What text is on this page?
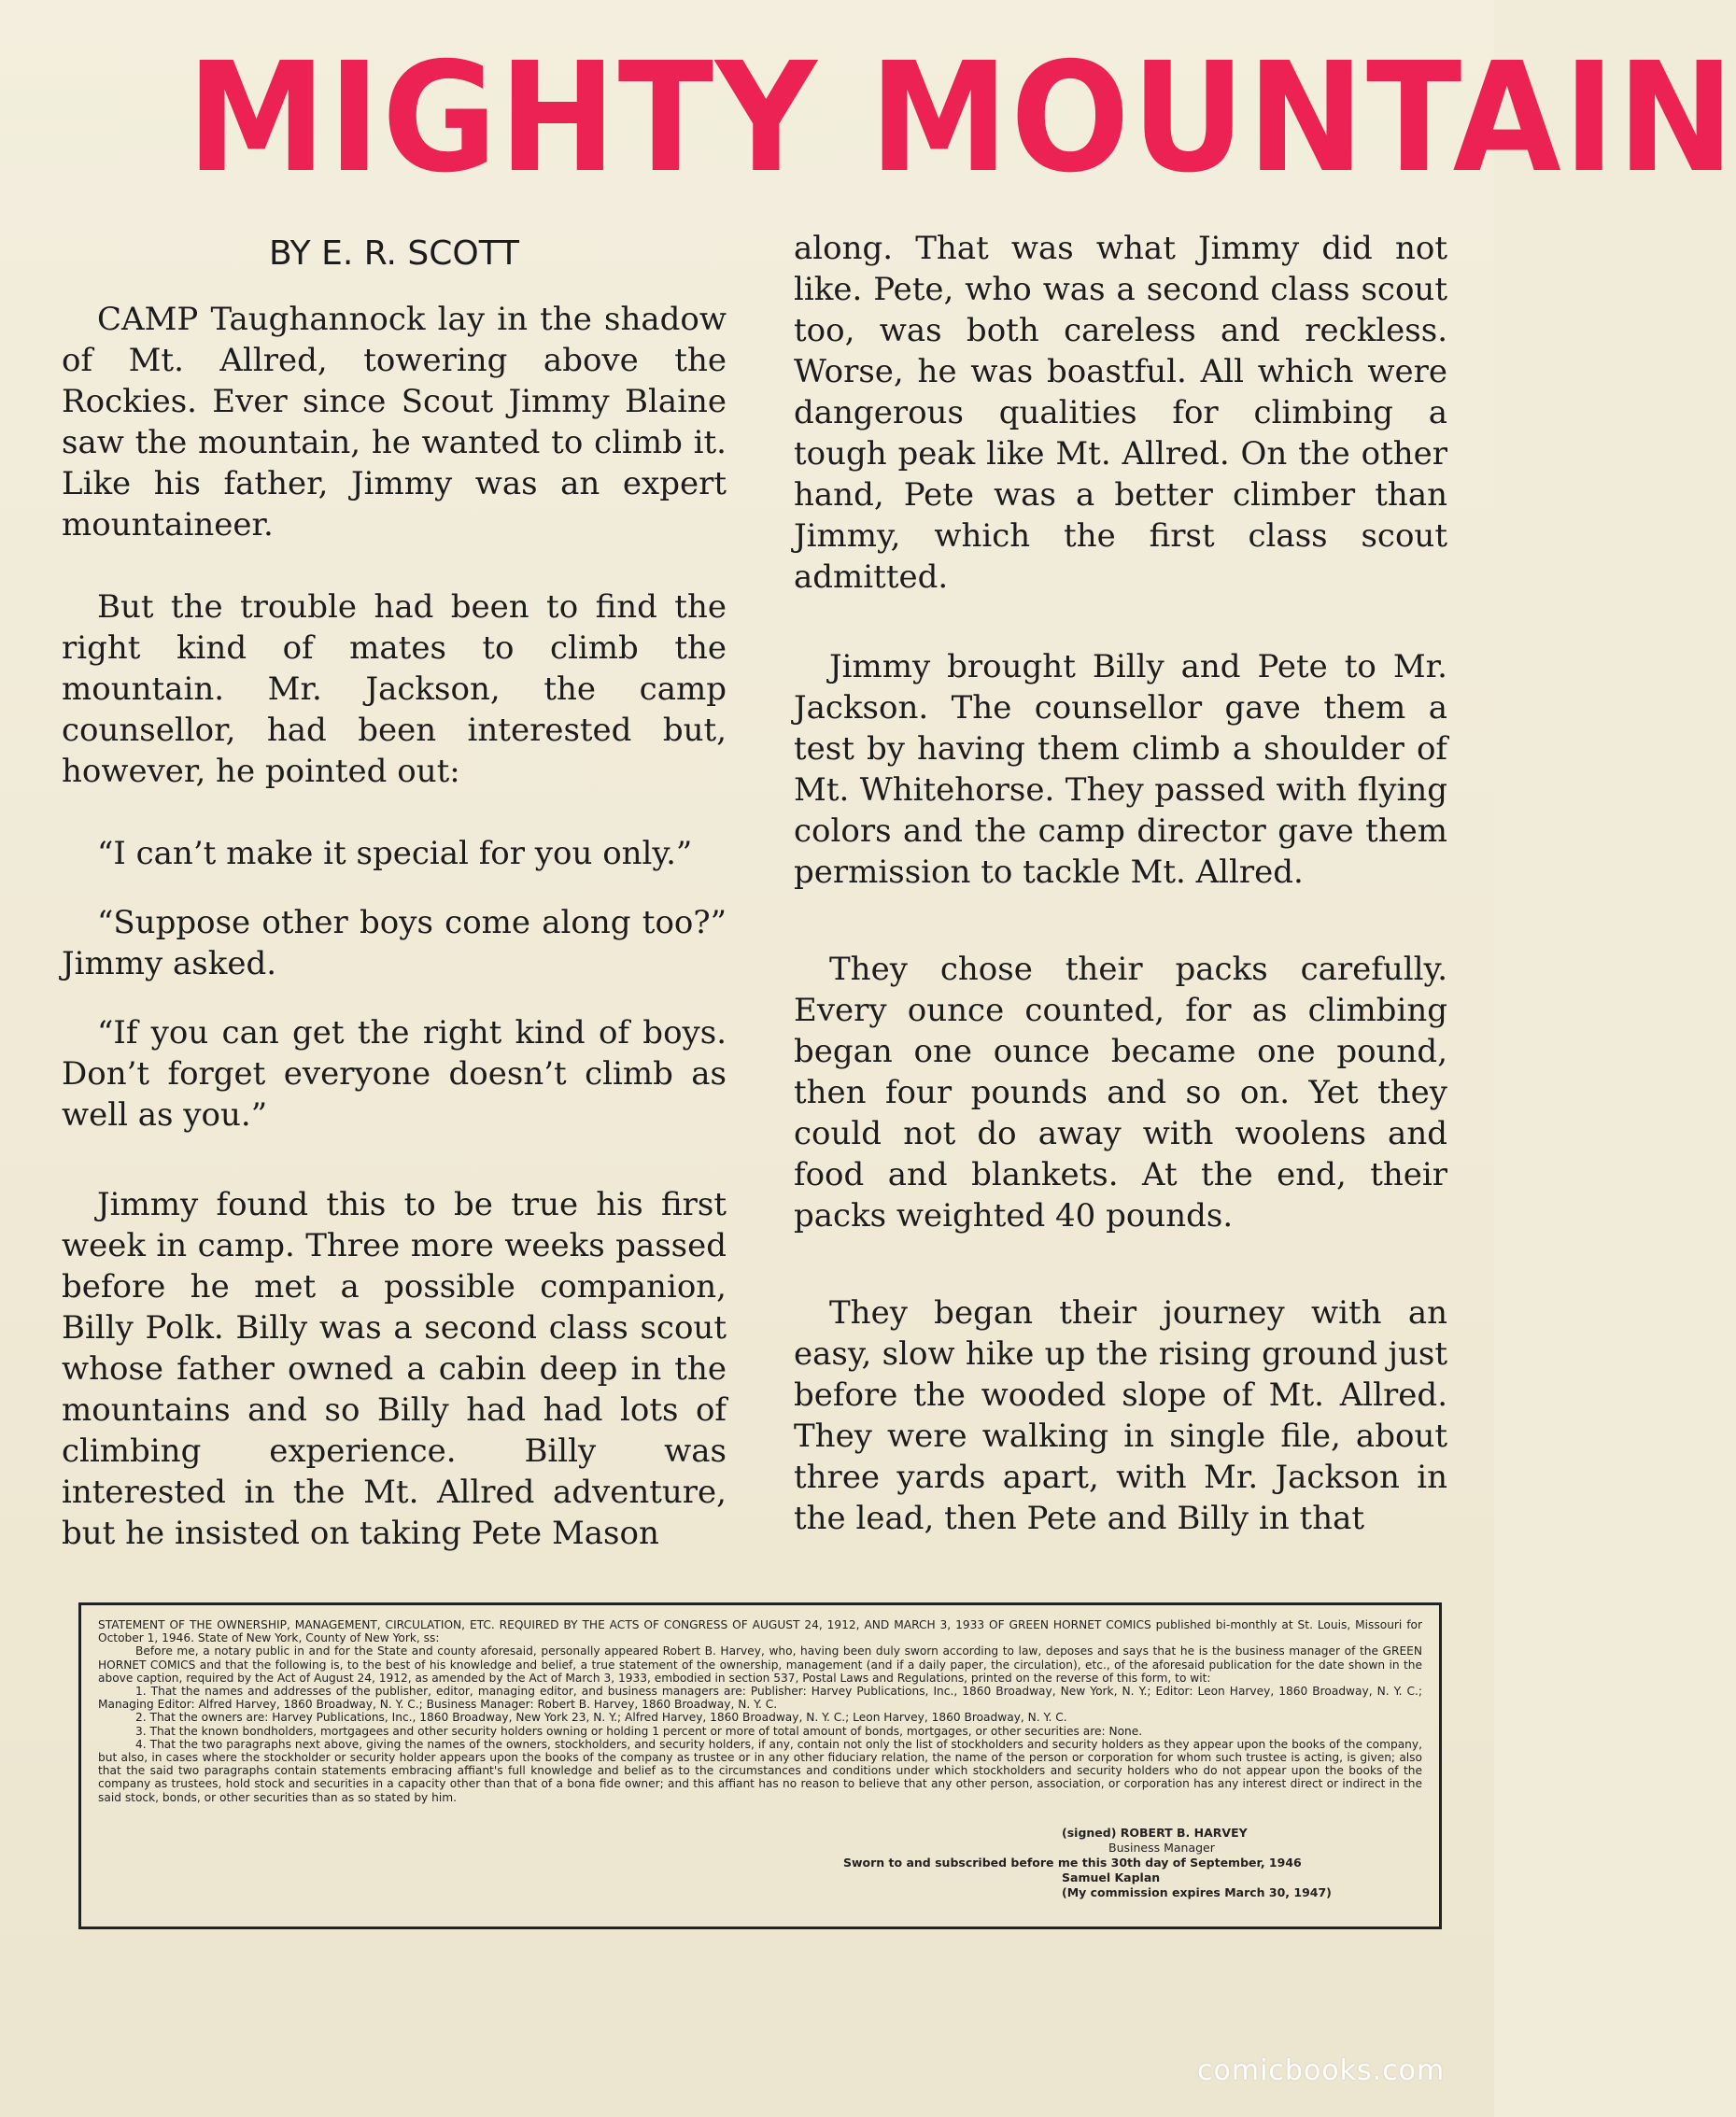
MIGHTY MOUNTAIN
BY E. R. SCOTT

CAMP Taughannock lay in the shadow of Mt. Allred, towering above the Rockies. Ever since Scout Jimmy Blaine saw the mountain, he wanted to climb it. Like his father, Jimmy was an expert mountaineer.

But the trouble had been to find the right kind of mates to climb the mountain. Mr. Jackson, the camp counsellor, had been interested but, however, he pointed out:

“I can’t make it special for you only.”

“Suppose other boys come along too?” Jimmy asked.

“If you can get the right kind of boys. Don’t forget everyone doesn’t climb as well as you.”

Jimmy found this to be true his first week in camp. Three more weeks passed before he met a possible companion, Billy Polk. Billy was a second class scout whose father owned a cabin deep in the mountains and so Billy had had lots of climbing experience. Billy was interested in the Mt. Allred adventure, but he insisted on taking Pete Mason

along. That was what Jimmy did not like. Pete, who was a second class scout too, was both careless and reckless. Worse, he was boastful. All which were dangerous qualities for climbing a tough peak like Mt. Allred. On the other hand, Pete was a better climber than Jimmy, which the first class scout admitted.

Jimmy brought Billy and Pete to Mr. Jackson. The counsellor gave them a test by having them climb a shoulder of Mt. Whitehorse. They passed with flying colors and the camp director gave them permission to tackle Mt. Allred.

They chose their packs carefully. Every ounce counted, for as climbing began one ounce became one pound, then four pounds and so on. Yet they could not do away with woolens and food and blankets. At the end, their packs weighted 40 pounds.

They began their journey with an easy, slow hike up the rising ground just before the wooded slope of Mt. Allred. They were walking in single file, about three yards apart, with Mr. Jackson in the lead, then Pete and Billy in that

STATEMENT OF THE OWNERSHIP, MANAGEMENT, CIRCULATION, ETC. REQUIRED BY THE ACTS OF CONGRESS OF AUGUST 24, 1912, AND MARCH 3, 1933 OF GREEN HORNET COMICS published bi-monthly at St. Louis, Missouri for October 1, 1946. State of New York, County of New York, ss:

Before me, a notary public in and for the State and county aforesaid, personally appeared Robert B. Harvey, who, having been duly sworn according to law, deposes and says that he is the business manager of the GREEN HORNET COMICS and that the following is, to the best of his knowledge and belief, a true statement of the ownership, management (and if a daily paper, the circulation), etc., of the aforesaid publication for the date shown in the above caption, required by the Act of August 24, 1912, as amended by the Act of March 3, 1933, embodied in section 537, Postal Laws and Regulations, printed on the reverse of this form, to wit:

1. That the names and addresses of the publisher, editor, managing editor, and business managers are: Publisher: Harvey Publications, Inc., 1860 Broadway, New York, N. Y.; Editor: Leon Harvey, 1860 Broadway, N. Y. C.; Managing Editor: Alfred Harvey, 1860 Broadway, N. Y. C.; Business Manager: Robert B. Harvey, 1860 Broadway, N. Y. C.

2. That the owners are: Harvey Publications, Inc., 1860 Broadway, New York 23, N. Y.; Alfred Harvey, 1860 Broadway, N. Y. C.; Leon Harvey, 1860 Broadway, N. Y. C.

3. That the known bondholders, mortgagees and other security holders owning or holding 1 percent or more of total amount of bonds, mortgages, or other securities are: None.

4. That the two paragraphs next above, giving the names of the owners, stockholders, and security holders, if any, contain not only the list of stockholders and security holders as they appear upon the books of the company, but also, in cases where the stockholder or security holder appears upon the books of the company as trustee or in any other fiduciary relation, the name of the person or corporation for whom such trustee is acting, is given; also that the said two paragraphs contain statements embracing affiant's full knowledge and belief as to the circumstances and conditions under which stockholders and security holders who do not appear upon the books of the company as trustees, hold stock and securities in a capacity other than that of a bona fide owner; and this affiant has no reason to believe that any other person, association, or corporation has any interest direct or indirect in the said stock, bonds, or other securities than as so stated by him.

(signed) ROBERT B. HARVEY
Business Manager
Sworn to and subscribed before me this 30th day of September, 1946
Samuel Kaplan
(My commission expires March 30, 1947)
comicbooks.com
